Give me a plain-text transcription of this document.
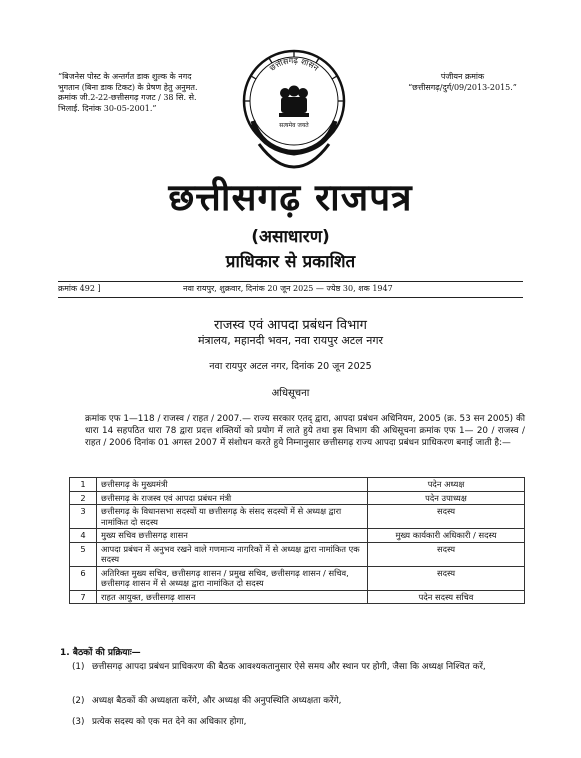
“बिजनेस पोस्ट के अन्तर्गत डाक शुल्क के नगद भुगतान (बिना डाक टिकट) के प्रेषण हेतु अनुमत. क्रमांक जी.2-22-छत्तीसगढ़ गजट / 38 सि. से. भिलाई. दिनांक 30-05-2001.”
पंजीयन क्रमांक
“छत्तीसगढ़/दुर्ग/09/2013-2015.”
छत्तीसगढ़ शासन
सत्यमेव जयते
छत्तीसगढ़ राजपत्र
(असाधारण)
प्राधिकार से प्रकाशित
क्रमांक 492 ]	नवा रायपुर, शुक्रवार, दिनांक 20 जून 2025 — ज्येष्ठ 30, शक 1947
राजस्व एवं आपदा प्रबंधन विभाग
मंत्रालय, महानदी भवन, नवा रायपुर अटल नगर
नवा रायपुर अटल नगर, दिनांक 20 जून 2025
अधिसूचना
क्रमांक एफ 1—118 / राजस्व / राहत / 2007.— राज्य सरकार एतद् द्वारा, आपदा प्रबंधन अधिनियम, 2005 (क्र. 53 सन 2005) की धारा 14 सहपठित धारा 78 द्वारा प्रदत्त शक्तियों को प्रयोग में लाते हुये तथा इस विभाग की अधिसूचना क्रमांक एफ 1— 20 / राजस्व / राहत / 2006 दिनांक 01 अगस्त 2007 में संशोधन करते हुये निम्नानुसार छत्तीसगढ़ राज्य आपदा प्रबंधन प्राधिकरण बनाई जाती है:—
1	छत्तीसगढ़ के मुख्यमंत्री	पदेन अध्यक्ष
2	छत्तीसगढ़ के राजस्व एवं आपदा प्रबंधन मंत्री	पदेन उपाध्यक्ष
3	छत्तीसगढ़ के विधानसभा सदस्यों या छत्तीसगढ़ के संसद सदस्यों में से अध्यक्ष द्वारा नामांकित दो सदस्य	सदस्य
4	मुख्य सचिव छत्तीसगढ़ शासन	मुख्य कार्यकारी अधिकारी / सदस्य
5	आपदा प्रबंधन में अनुभव रखने वाले गणमान्य नागरिकों में से अध्यक्ष द्वारा नामांकित एक सदस्य	सदस्य
6	अतिरिक्त मुख्य सचिव, छत्तीसगढ़ शासन / प्रमुख सचिव, छत्तीसगढ़ शासन / सचिव, छत्तीसगढ़ शासन में से अध्यक्ष द्वारा नामांकित दो सदस्य	सदस्य
7	राहत आयुक्त, छत्तीसगढ़ शासन	पदेन सदस्य सचिव
1. बैठकों की प्रक्रियाः—
(1) छत्तीसगढ़ आपदा प्रबंधन प्राधिकरण की बैठक आवश्यकतानुसार ऐसे समय और स्थान पर होगी, जैसा कि अध्यक्ष निश्चित करें,
(2) अध्यक्ष बैठकों की अध्यक्षता करेंगे, और अध्यक्ष की अनुपस्थिति अध्यक्षता करेंगे,
(3) प्रत्येक सदस्य को एक मत देने का अधिकार होगा,
